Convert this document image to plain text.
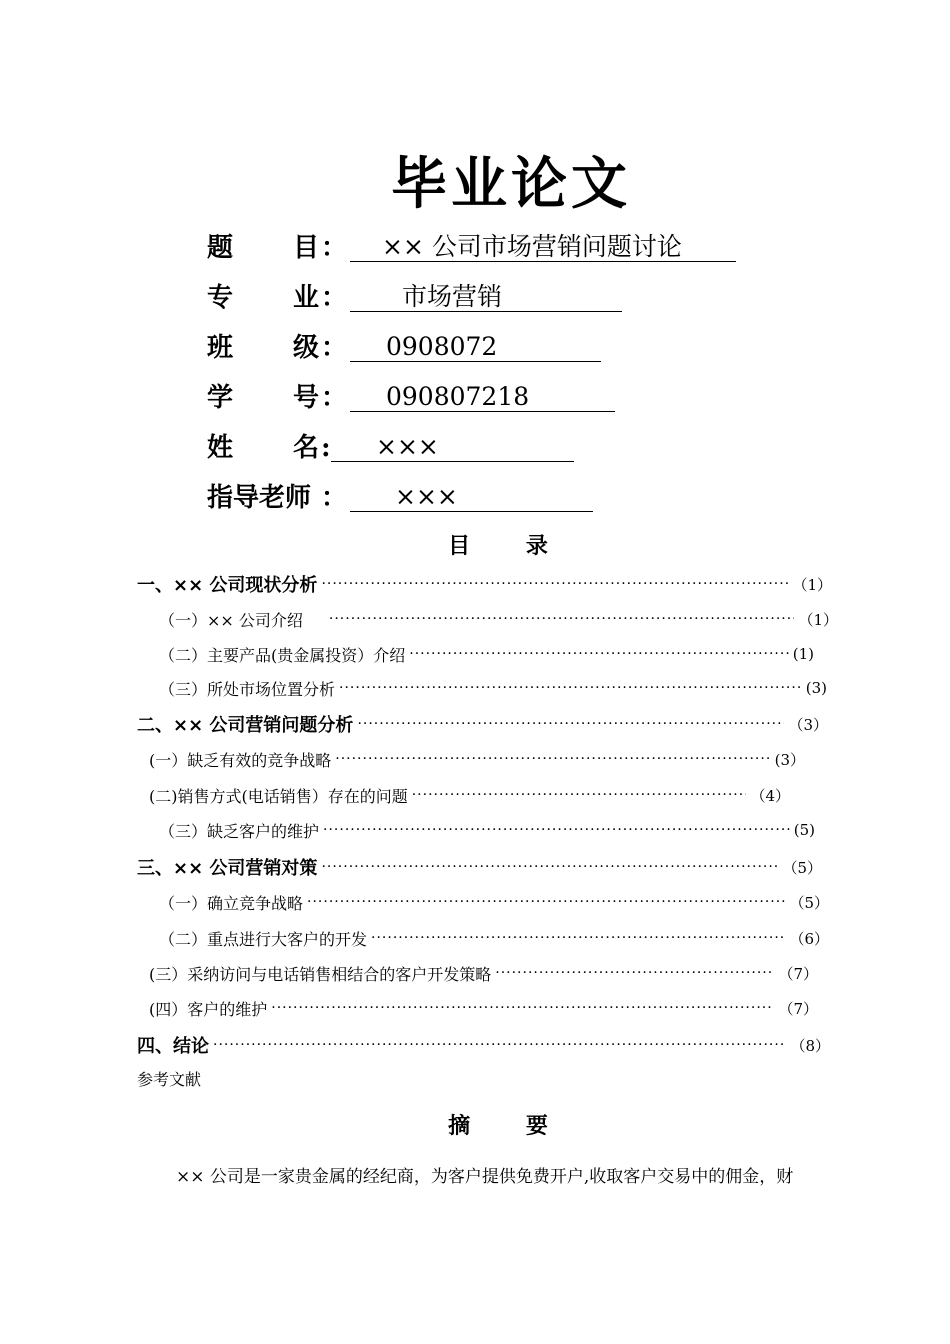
毕业论文
题 目 ：	×× 公司市场营销问题讨论
专 业 ：	市场营销
班 级 ：	0908072
学 号 ：	090807218
姓 名 :	×××
指导老师 ：	×××
目 录
一、×× 公司现状分析 ·····	（1）
（一）×× 公司介绍 ·····	（1）
（二）主要产品(贵金属投资）介绍 ·····	(1)
（三）所处市场位置分析 ·····	(3)
二、×× 公司营销问题分析 ·····	（3）
(一）缺乏有效的竞争战略 ·····	(3）
(二)销售方式(电话销售）存在的问题 ·····	（4）
（三）缺乏客户的维护 ·····	(5)
三、×× 公司营销对策 ·····	（5）
（一）确立竞争战略 ·····	（5）
（二）重点进行大客户的开发 ·····	（6）
(三）采纳访问与电话销售相结合的客户开发策略 ·····	（7）
(四）客户的维护 ·····	（7）
四、结论 ·····	（8）
参考文献
摘 要
×× 公司是一家贵金属的经纪商，为客户提供免费开户,收取客户交易中的佣金，财
